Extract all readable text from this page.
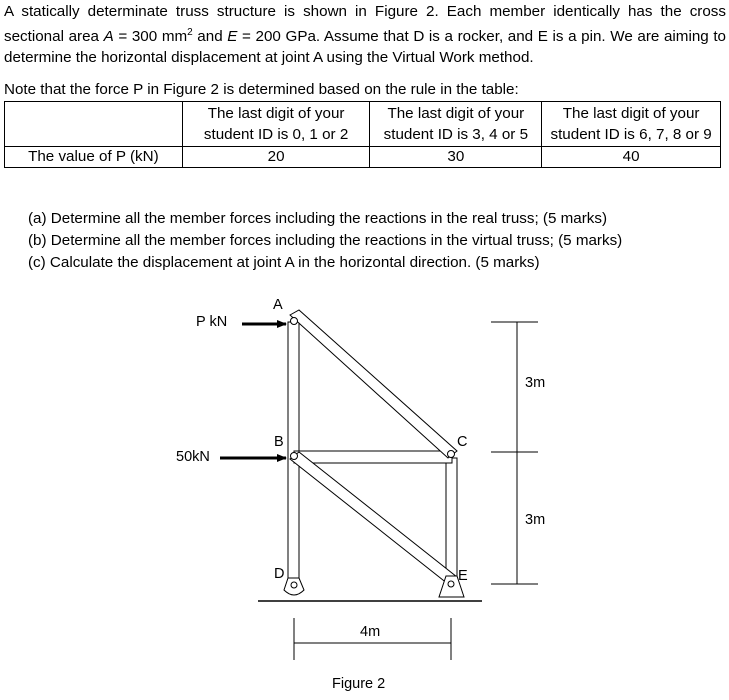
A statically determinate truss structure is shown in Figure 2. Each member identically has the cross sectional area A = 300 $mm^2$ and E = 200 GPa. Assume that D is a rocker, and E is a pin. We are aiming to determine the horizontal displacement at joint A using the Virtual Work method.

Note that the force P in Figure 2 is determined based on the rule in the table:

	The last digit of your student ID is 0, 1 or 2	The last digit of your student ID is 3, 4 or 5	The last digit of your student ID is 6, 7, 8 or 9
The value of P (kN)	20	30	40
(a) Determine all the member forces including the reactions in the real truss; (5 marks)
(b) Determine all the member forces including the reactions in the virtual truss; (5 marks)
(c) Calculate the displacement at joint A in the horizontal direction. (5 marks)
P kN
50kN
A
B	C
D	E
3m
3m
4m
Figure 2
